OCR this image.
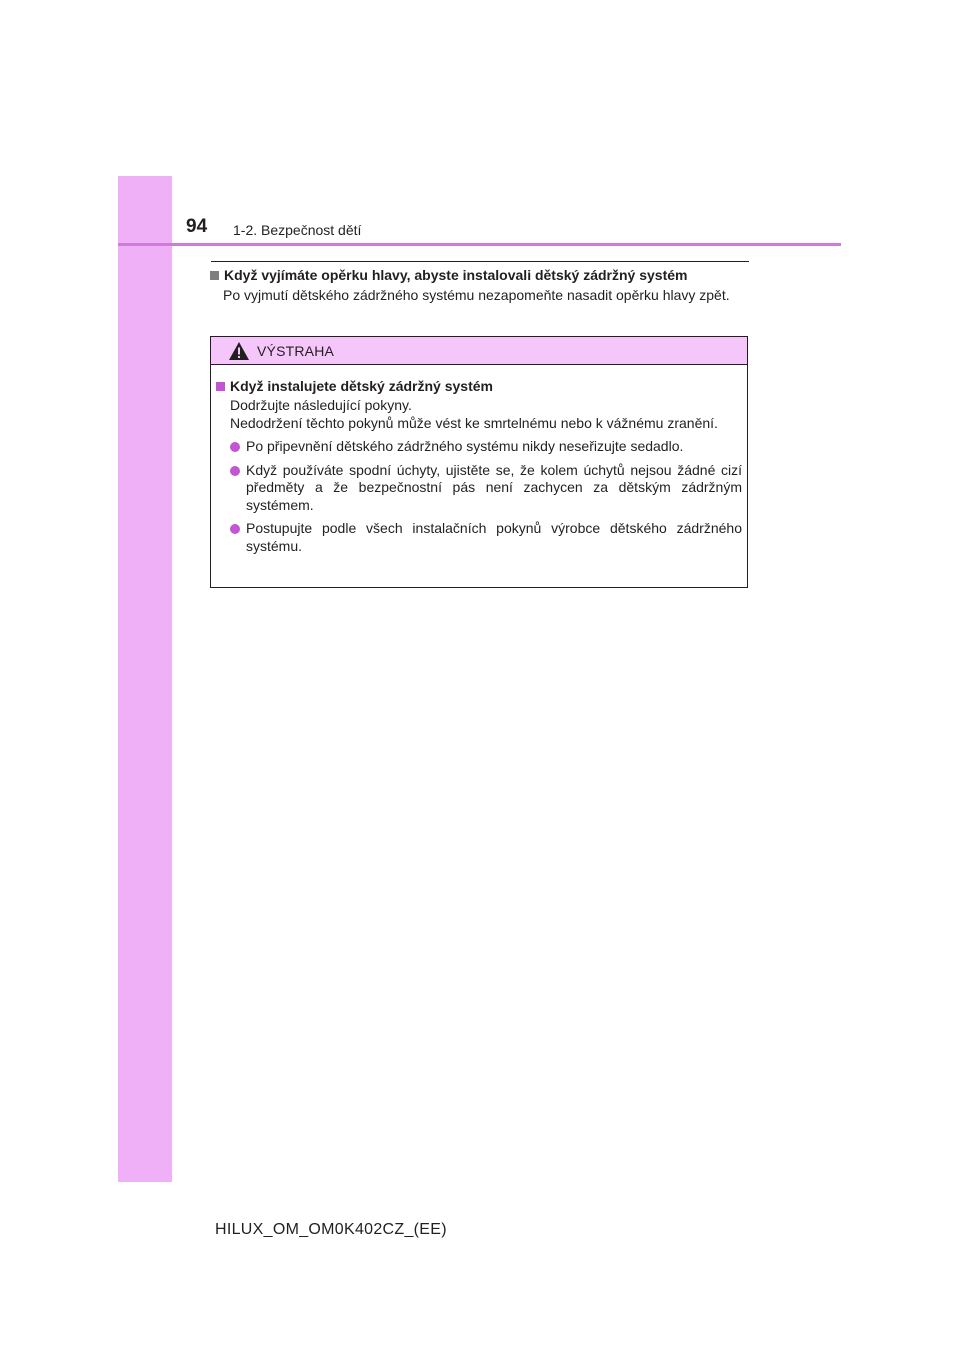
94 1-2. Bezpečnost dětí
Když vyjímáte opěrku hlavy, abyste instalovali dětský zádržný systém
Po vyjmutí dětského zádržného systému nezapomeňte nasadit opěrku hlavy zpět.
VÝSTRAHA
Když instalujete dětský zádržný systém
Dodržujte následující pokyny.
Nedodržení těchto pokynů může vést ke smrtelnému nebo k vážnému zranění.
Po připevnění dětského zádržného systému nikdy neseřizujte sedadlo.
Když používáte spodní úchyty, ujistěte se, že kolem úchytů nejsou žádné cizí předměty a že bezpečnostní pás není zachycen za dětským zádržným systémem.
Postupujte podle všech instalačních pokynů výrobce dětského zádržného systému.
HILUX_OM_OM0K402CZ_(EE)
